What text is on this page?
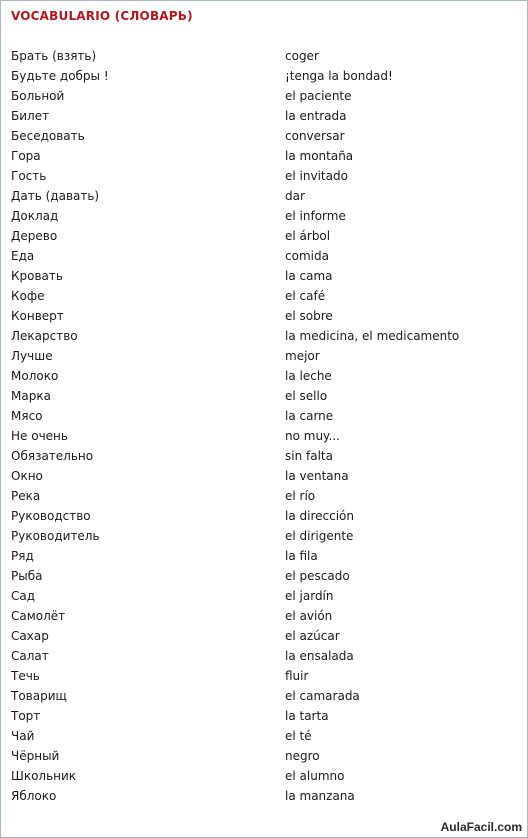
VOCABULARIO (СЛОВАРЬ)
Брать (взять)	coger
Будьте добры !	¡tenga la bondad!
Больной	el paciente
Билет	la entrada
Беседовать	conversar
Гора	la montaña
Гость	el invitado
Дать (давать)	dar
Доклад	el informe
Дерево	el árbol
Еда	comida
Кровать	la cama
Кофе	el café
Конверт	el sobre
Лекарство	la medicina, el medicamento
Лучше	mejor
Молоко	la leche
Марка	el sello
Мясо	la carne
Не очень	no muy...
Обязательно	sin falta
Окно	la ventana
Река	el río
Руководство	la dirección
Руководитель	el dirigente
Ряд	la fila
Рыба	el pescado
Сад	el jardín
Самолёт	el avión
Сахар	el azúcar
Салат	la ensalada
Течь	fluir
Товарищ	el camarada
Торт	la tarta
Чай	el té
Чёрный	negro
Школьник	el alumno
Яблоко	la manzana
AulaFacil.com
